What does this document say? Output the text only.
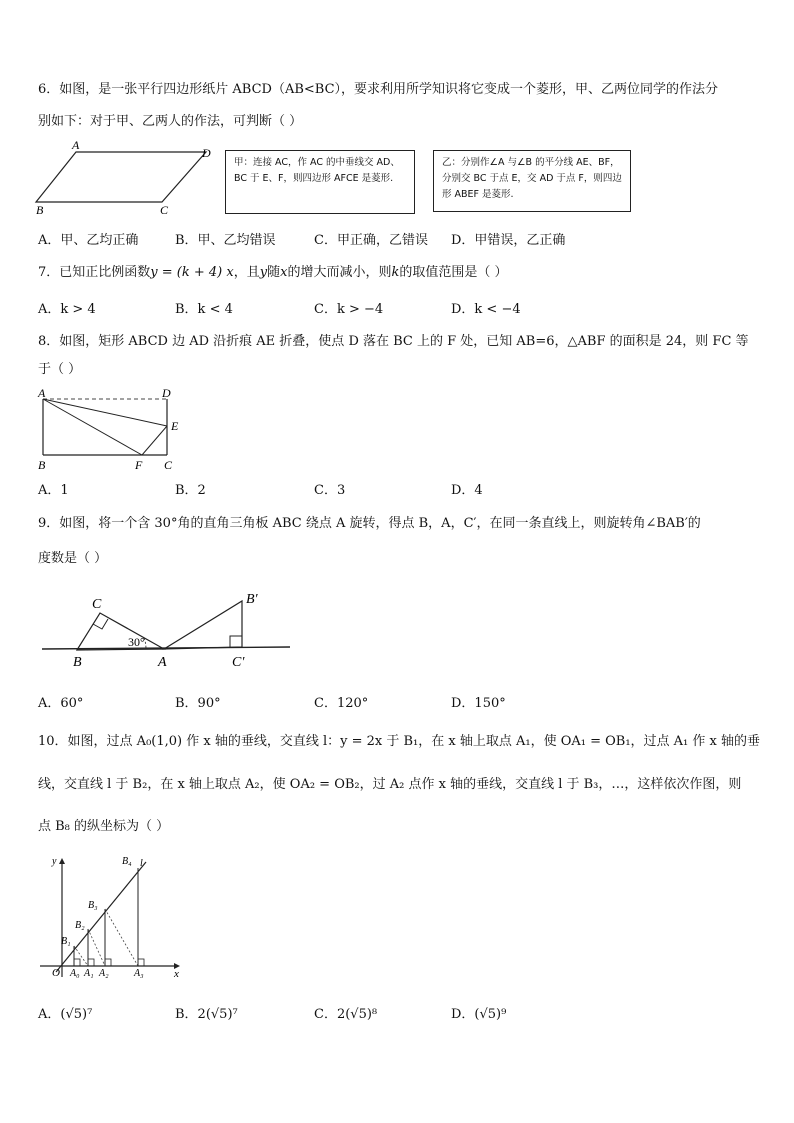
6．如图，是一张平行四边形纸片 ABCD（AB<BC），要求利用所学知识将它变成一个菱形，甲、乙两位同学的作法分
别如下：对于甲、乙两人的作法，可判断（ ）
A
D
B	C
甲：连接 AC，作 AC 的中垂线交 AD、BC 于 E、F，则四边形 AFCE 是菱形.
乙：分别作∠A 与∠B 的平分线 AE、BF，分别交 BC 于点 E，交 AD 于点 F，则四边形 ABEF 是菱形.
A．甲、乙均正确	B．甲、乙均错误	C．甲正确，乙错误 D．甲错误，乙正确
7．已知正比例函数y = (k + 4) x，且y随x的增大而减小，则k的取值范围是（ ）
A．k > 4	B．k < 4	C．k > −4	D．k < −4
8．如图，矩形 ABCD 边 AD 沿折痕 AE 折叠，使点 D 落在 BC 上的 F 处，已知 AB=6，△ABF 的面积是 24，则 FC 等
于（ ）
A	D
E
B	F C
A．1	B．2	C．3	D．4
9．如图，将一个含 30°角的直角三角板 ABC 绕点 A 旋转，得点 B，A，C′，在同一条直线上，则旋转角∠BAB′的
度数是（ ）
C
B	A
30°
B′
C′
A．60°	B．90°	C．120°	D．150°
10．如图，过点 A₀(1,0) 作 x 轴的垂线，交直线 l：y = 2x 于 B₁，在 x 轴上取点 A₁，使 OA₁ = OB₁，过点 A₁ 作 x 轴的垂
线，交直线 l 于 B₂，在 x 轴上取点 A₂，使 OA₂ = OB₂，过 A₂ 点作 x 轴的垂线，交直线 l 于 B₃，…，这样依次作图，则
点 B₈ 的纵坐标为（ ）
y
x
O
l
B₁
B₂
B₃
B₄
A₀ A₁ A₂	A₃
A．(√5)⁷	B．2(√5)⁷	C．2(√5)⁸	D．(√5)⁹
